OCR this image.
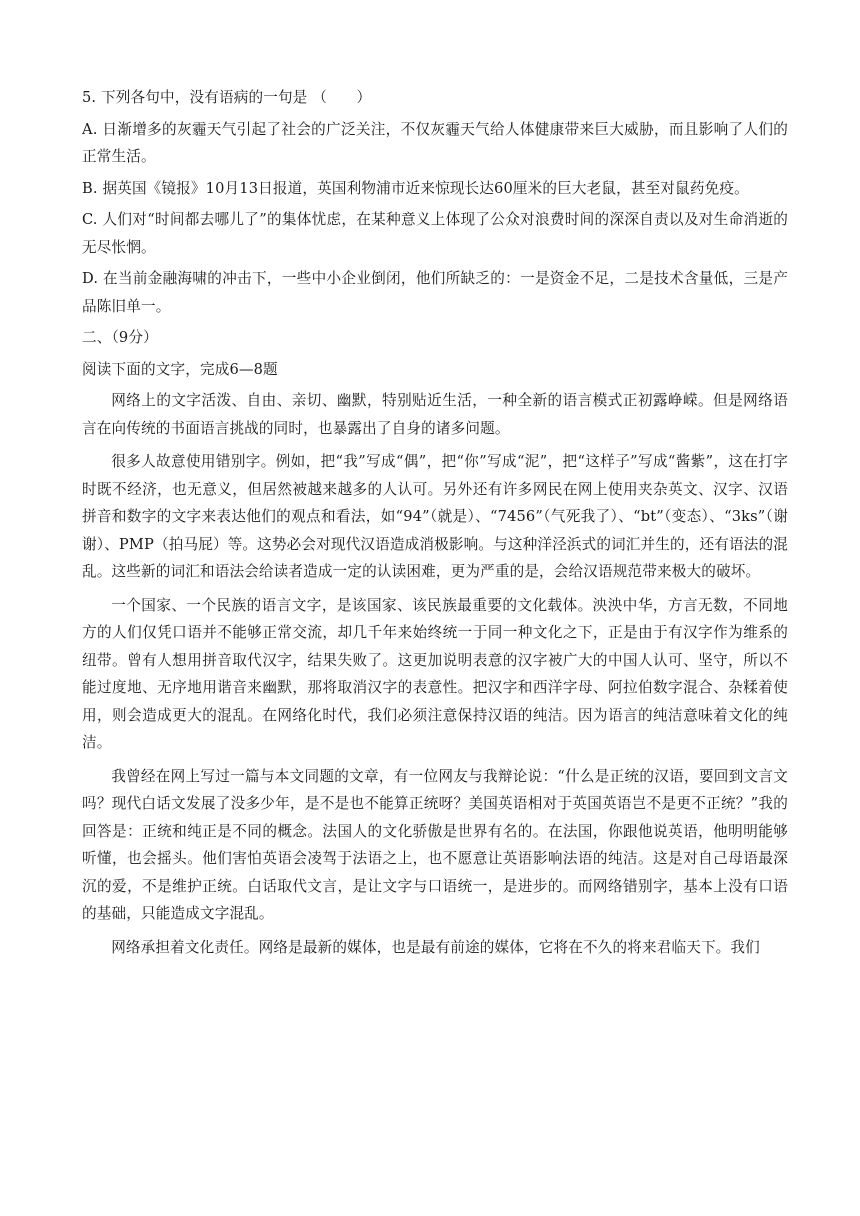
5. 下列各句中，没有语病的一句是 （　　）

A. 日渐增多的灰霾天气引起了社会的广泛关注，不仅灰霾天气给人体健康带来巨大威胁，而且影响了人们的正常生活。

B. 据英国《镜报》10月13日报道，英国利物浦市近来惊现长达60厘米的巨大老鼠，甚至对鼠药免疫。

C. 人们对“时间都去哪儿了”的集体忧虑，在某种意义上体现了公众对浪费时间的深深自责以及对生命消逝的无尽怅惘。

D. 在当前金融海啸的冲击下，一些中小企业倒闭，他们所缺乏的：一是资金不足，二是技术含量低，三是产品陈旧单一。

二、（9分）

阅读下面的文字，完成6—8题

网络上的文字活泼、自由、亲切、幽默，特别贴近生活，一种全新的语言模式正初露峥嵘。但是网络语言在向传统的书面语言挑战的同时，也暴露出了自身的诸多问题。

很多人故意使用错别字。例如，把“我”写成“偶”，把“你”写成“泥”，把“这样子”写成“酱紫”，这在打字时既不经济，也无意义，但居然被越来越多的人认可。另外还有许多网民在网上使用夹杂英文、汉字、汉语拼音和数字的文字来表达他们的观点和看法，如“94”（就是）、“7456”（气死我了）、“bt”（变态）、“3ks”（谢谢）、PMP（拍马屁）等。这势必会对现代汉语造成消极影响。与这种洋泾浜式的词汇并生的，还有语法的混乱。这些新的词汇和语法会给读者造成一定的认读困难，更为严重的是，会给汉语规范带来极大的破坏。

一个国家、一个民族的语言文字，是该国家、该民族最重要的文化载体。泱泱中华，方言无数，不同地方的人们仅凭口语并不能够正常交流，却几千年来始终统一于同一种文化之下，正是由于有汉字作为维系的纽带。曾有人想用拼音取代汉字，结果失败了。这更加说明表意的汉字被广大的中国人认可、坚守，所以不能过度地、无序地用谐音来幽默，那将取消汉字的表意性。把汉字和西洋字母、阿拉伯数字混合、杂糅着使用，则会造成更大的混乱。在网络化时代，我们必须注意保持汉语的纯洁。因为语言的纯洁意味着文化的纯洁。

我曾经在网上写过一篇与本文同题的文章，有一位网友与我辩论说：“什么是正统的汉语，要回到文言文吗？现代白话文发展了没多少年，是不是也不能算正统呀？美国英语相对于英国英语岂不是更不正统？”我的回答是：正统和纯正是不同的概念。法国人的文化骄傲是世界有名的。在法国，你跟他说英语，他明明能够听懂，也会摇头。他们害怕英语会凌驾于法语之上，也不愿意让英语影响法语的纯洁。这是对自己母语最深沉的爱，不是维护正统。白话取代文言，是让文字与口语统一，是进步的。而网络错别字，基本上没有口语的基础，只能造成文字混乱。

网络承担着文化责任。网络是最新的媒体，也是最有前途的媒体，它将在不久的将来君临天下。我们
